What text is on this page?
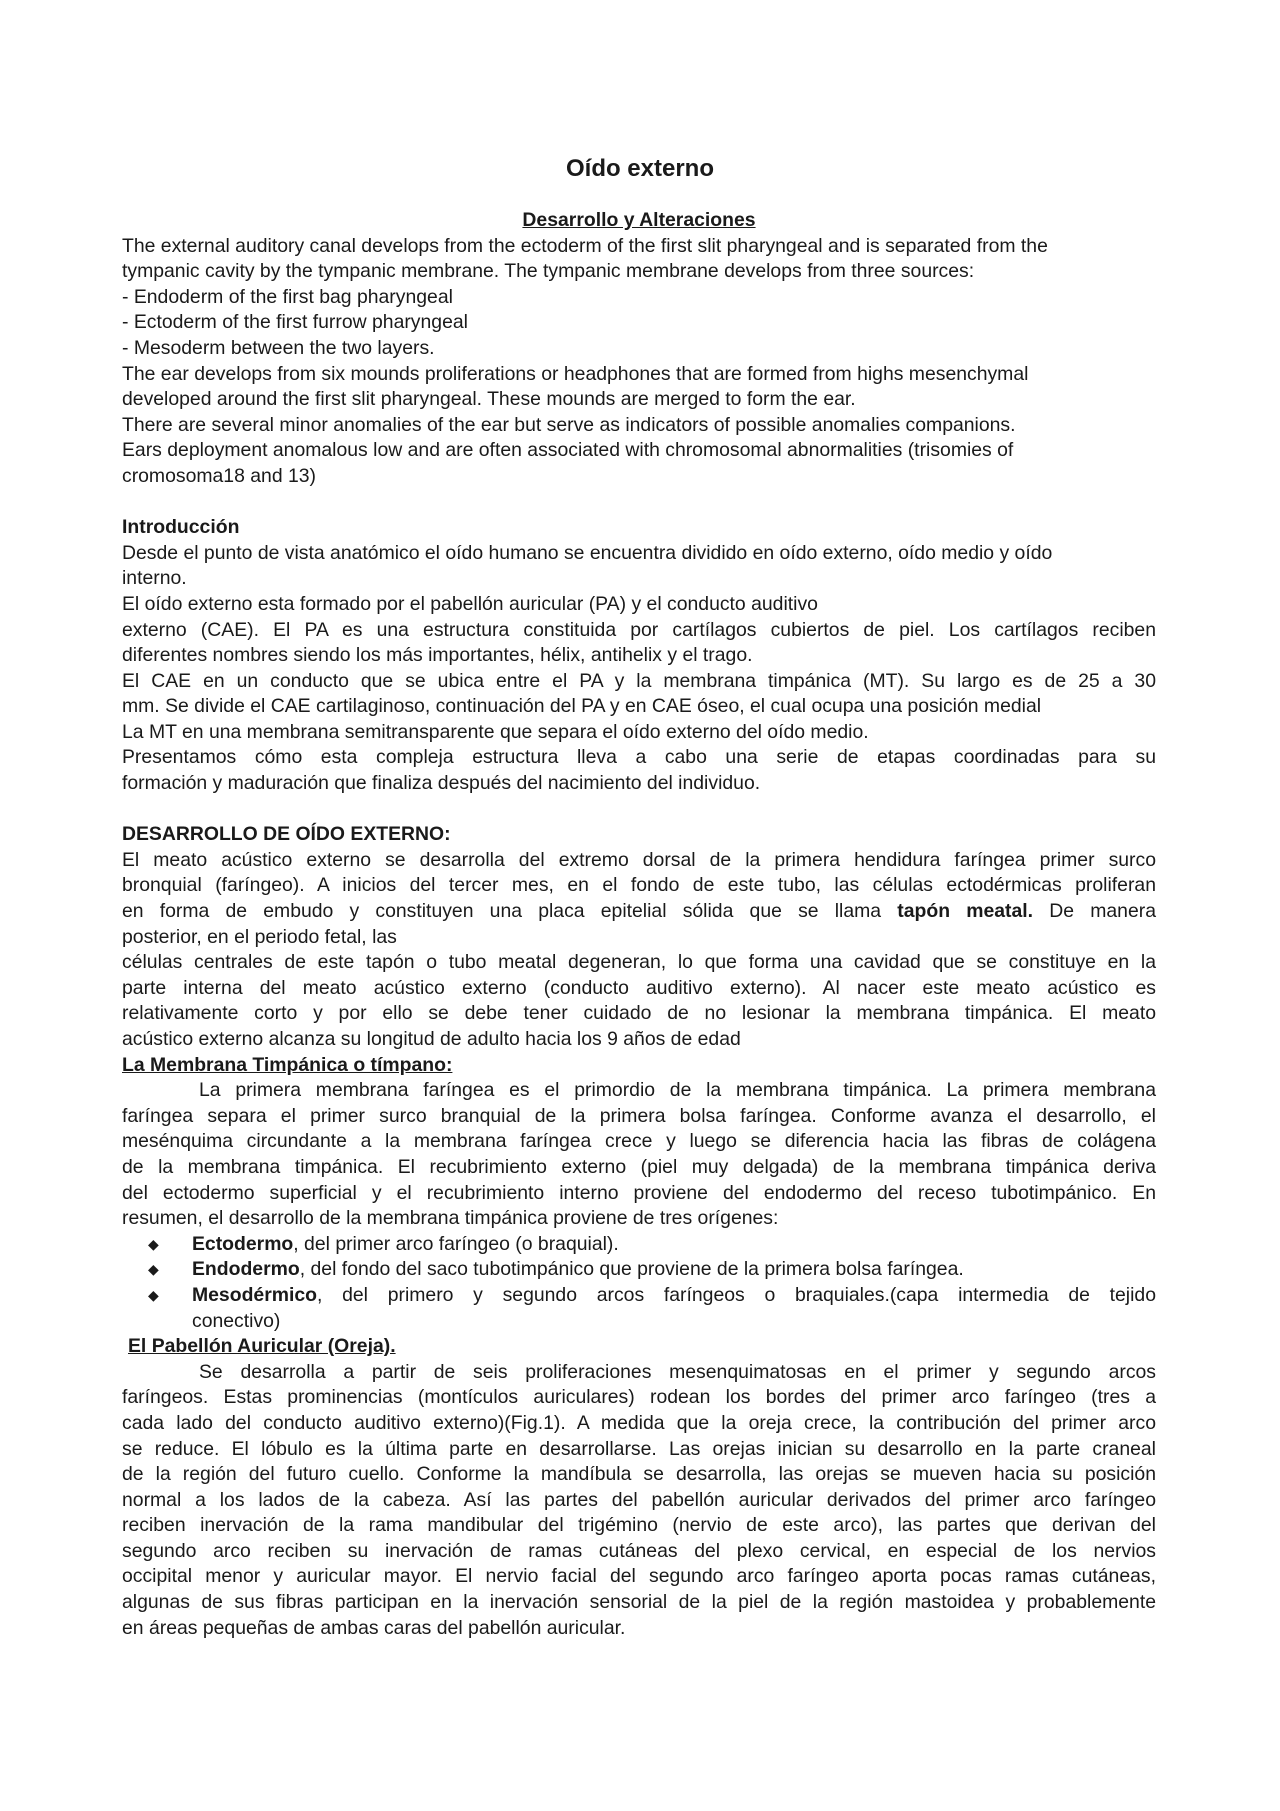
Oído externo
Desarrollo y Alteraciones
The external auditory canal develops from the ectoderm of the first slit pharyngeal and is separated from the
tympanic cavity by the tympanic membrane. The tympanic membrane develops from three sources:
- Endoderm of the first bag pharyngeal
- Ectoderm of the first furrow pharyngeal
- Mesoderm between the two layers.
The ear develops from six mounds proliferations or headphones that are formed from highs mesenchymal
developed around the first slit pharyngeal. These mounds are merged to form the ear.
There are several minor anomalies of the ear but serve as indicators of possible anomalies companions.
Ears deployment anomalous low and are often associated with chromosomal abnormalities (trisomies of
cromosoma18 and 13)
Introducción
Desde el punto de vista anatómico el oído humano se encuentra dividido en oído externo, oído medio y oído
interno.
El oído externo esta formado por el pabellón auricular (PA) y el conducto auditivo
externo (CAE). El PA es una estructura constituida por cartílagos cubiertos de piel. Los cartílagos reciben
diferentes nombres siendo los más importantes, hélix, antihelix y el trago.
El CAE en un conducto que se ubica entre el PA y la membrana timpánica (MT). Su largo es de 25 a 30
mm. Se divide el CAE cartilaginoso, continuación del PA y en CAE óseo, el cual ocupa una posición medial
La MT en una membrana semitransparente que separa el oído externo del oído medio.
Presentamos cómo esta compleja estructura lleva a cabo una serie de etapas coordinadas para su
formación y maduración que finaliza después del nacimiento del individuo.
DESARROLLO DE OÍDO EXTERNO:
El meato acústico externo se desarrolla del extremo dorsal de la primera hendidura faríngea primer surco
bronquial (faríngeo). A inicios del tercer mes, en el fondo de este tubo, las células ectodérmicas proliferan
en forma de embudo y constituyen una placa epitelial sólida que se llama tapón meatal. De manera
posterior, en el periodo fetal, las
células centrales de este tapón o tubo meatal degeneran, lo que forma una cavidad que se constituye en la
parte interna del meato acústico externo (conducto auditivo externo). Al nacer este meato acústico es
relativamente corto y por ello se debe tener cuidado de no lesionar la membrana timpánica. El meato
acústico externo alcanza su longitud de adulto hacia los 9 años de edad
La Membrana Timpánica o tímpano:
La primera membrana faríngea es el primordio de la membrana timpánica. La primera membrana
faríngea separa el primer surco branquial de la primera bolsa faríngea. Conforme avanza el desarrollo, el
mesénquima circundante a la membrana faríngea crece y luego se diferencia hacia las fibras de colágena
de la membrana timpánica. El recubrimiento externo (piel muy delgada) de la membrana timpánica deriva
del ectodermo superficial y el recubrimiento interno proviene del endodermo del receso tubotimpánico. En
resumen, el desarrollo de la membrana timpánica proviene de tres orígenes:
◆ Ectodermo, del primer arco faríngeo (o braquial).
◆ Endodermo, del fondo del saco tubotimpánico que proviene de la primera bolsa faríngea.
◆ Mesodérmico, del primero y segundo arcos faríngeos o braquiales.(capa intermedia de tejido
conectivo)
El Pabellón Auricular (Oreja).
Se desarrolla a partir de seis proliferaciones mesenquimatosas en el primer y segundo arcos
faríngeos. Estas prominencias (montículos auriculares) rodean los bordes del primer arco faríngeo (tres a
cada lado del conducto auditivo externo)(Fig.1). A medida que la oreja crece, la contribución del primer arco
se reduce. El lóbulo es la última parte en desarrollarse. Las orejas inician su desarrollo en la parte craneal
de la región del futuro cuello. Conforme la mandíbula se desarrolla, las orejas se mueven hacia su posición
normal a los lados de la cabeza. Así las partes del pabellón auricular derivados del primer arco faríngeo
reciben inervación de la rama mandibular del trigémino (nervio de este arco), las partes que derivan del
segundo arco reciben su inervación de ramas cutáneas del plexo cervical, en especial de los nervios
occipital menor y auricular mayor. El nervio facial del segundo arco faríngeo aporta pocas ramas cutáneas,
algunas de sus fibras participan en la inervación sensorial de la piel de la región mastoidea y probablemente
en áreas pequeñas de ambas caras del pabellón auricular.
